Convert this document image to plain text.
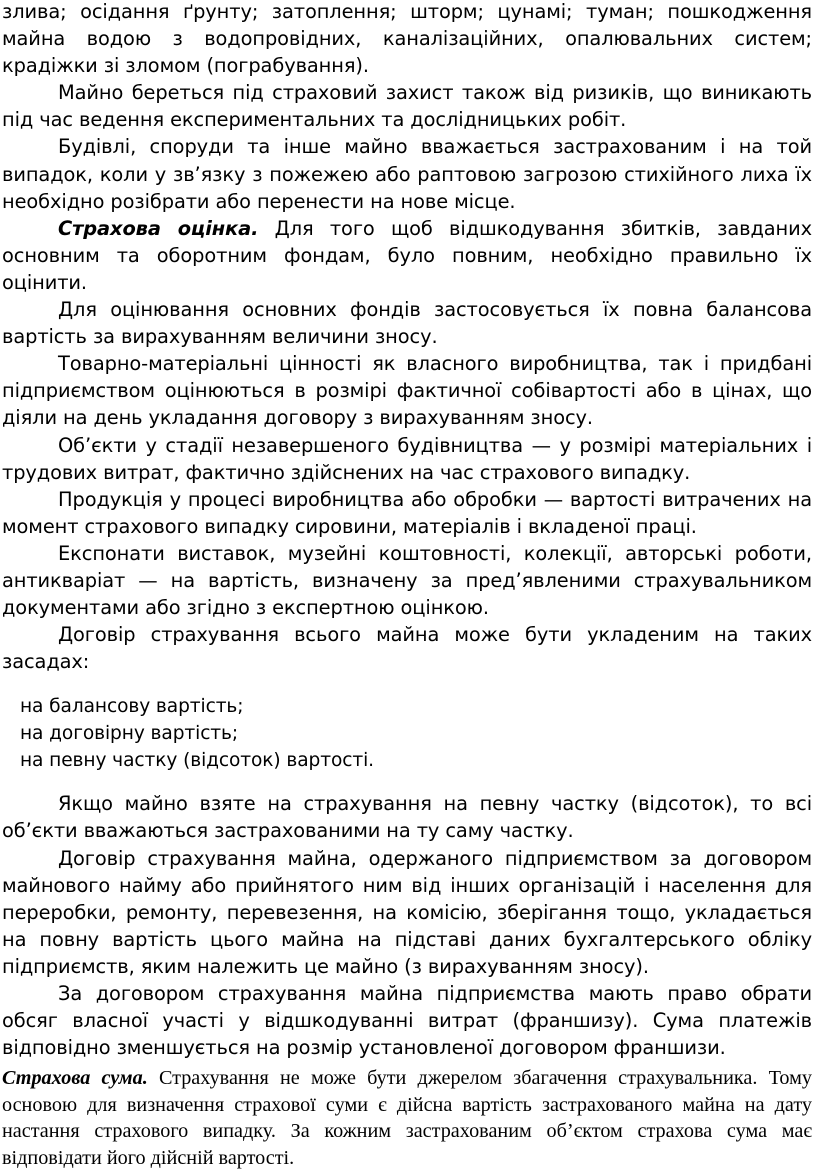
злива; осідання ґрунту; затоплення; шторм; цунамі; туман; пошкодження майна водою з водопровідних, каналізаційних, опалювальних систем; крадіжки зі зломом (пограбування).

Майно береться під страховий захист також від ризиків, що виникають під час ведення експериментальних та дослідницьких робіт.

Будівлі, споруди та інше майно вважається застрахованим і на той випадок, коли у зв’язку з пожежею або раптовою загрозою стихійного лиха їх необхідно розібрати або перенести на нове місце.

Страхова оцінка. Для того щоб відшкодування збитків, завданих основним та оборотним фондам, було повним, необхідно правильно їх оцінити.

Для оцінювання основних фондів застосовується їх повна балансова вартість за вирахуванням величини зносу.

Товарно-матеріальні цінності як власного виробництва, так і придбані підприємством оцінюються в розмірі фактичної собівартості або в цінах, що діяли на день укладання договору з вирахуванням зносу.

Об’єкти у стадії незавершеного будівництва — у розмірі матеріальних і трудових витрат, фактично здійснених на час страхового випадку.

Продукція у процесі виробництва або обробки — вартості витрачених на момент страхового випадку сировини, матеріалів і вкладеної праці.

Експонати виставок, музейні коштовності, колекції, авторські роботи, антикваріат — на вартість, визначену за пред’явленими страхувальником документами або згідно з експертною оцінкою.

Договір страхування всього майна може бути укладеним на таких засадах:

на балансову вартість;
на договірну вартість;
на певну частку (відсоток) вартості.

Якщо майно взяте на страхування на певну частку (відсоток), то всі об’єкти вважаються застрахованими на ту саму частку.

Договір страхування майна, одержаного підприємством за договором майнового найму або прийнятого ним від інших організацій і населення для переробки, ремонту, перевезення, на комісію, зберігання тощо, укладається на повну вартість цього майна на підставі даних бухгалтерського обліку підприємств, яким належить це майно (з вирахуванням зносу).

За договором страхування майна підприємства мають право обрати обсяг власної участі у відшкодуванні витрат (франшизу). Сума платежів відповідно зменшується на розмір установленої договором франшизи.

Страхова сума. Страхування не може бути джерелом збагачення страхувальника. Тому основою для визначення страхової суми є дійсна вартість застрахованого майна на дату настання страхового випадку. За кожним застрахованим об’єктом страхова сума має відповідати його дійсній вартості.
